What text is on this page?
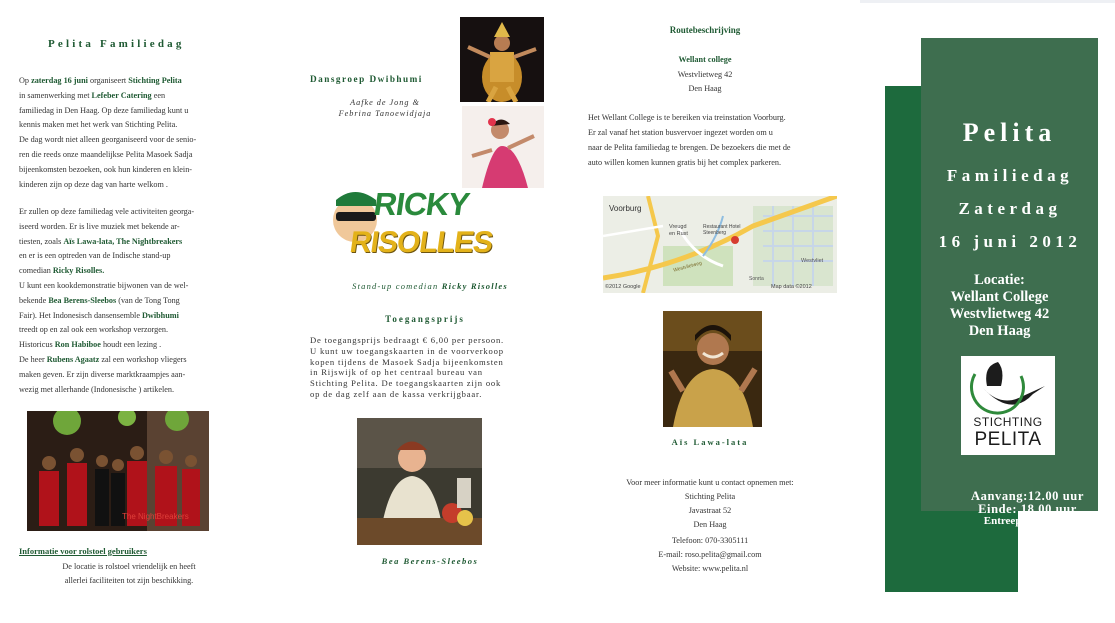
Pelita Familiedag
Op zaterdag 16 juni organiseert Stichting Pelita
in samenwerking met Lefeber Catering een
familiedag in Den Haag. Op deze familiedag kunt u
kennis maken met het werk van Stichting Pelita.
De dag wordt niet alleen georganiseerd voor de senio-
ren die reeds onze maandelijkse Pelita Masoek Sadja
bijeenkomsten bezoeken, ook hun kinderen en klein-
kinderen zijn op deze dag van harte welkom .
Er zullen op deze familiedag vele activiteiten georga-
iseerd worden. Er is live muziek met bekende ar-
tiesten, zoals Aïs Lawa-lata, The Nightbreakers
en er is een optreden van de Indische stand-up
comedian Ricky Risolles.
U kunt een kookdemonstratie bijwonen van de wel-
bekende Bea Berens-Sleebos (van de Tong Tong
Fair). Het Indonesisch dansensemble Dwibhumi
treedt op en zal ook een workshop verzorgen.
Historicus Ron Habiboe houdt een lezing .
De heer Rubens Agaatz zal een workshop vliegers
maken geven. Er zijn diverse marktkraampjes aan-
wezig met allerhande (Indonesische ) artikelen.
The NightBreakers
Informatie voor rolstoel gebruikers
De locatie is rolstoel vriendelijk en heeft
allerlei faciliteiten tot zijn beschikking.
Dansgroep Dwibhumi
Aafke de Jong &
Febrina Tanoewidjaja
RICKY
RISOLLES
Stand-up comedian Ricky Risolles
Toegangsprijs
De toegangsprijs bedraagt € 6,00 per persoon.
U kunt uw toegangskaarten in de voorverkoop
kopen tijdens de Masoek Sadja bijeenkomsten
in Rijswijk of op het centraal bureau van
Stichting Pelita. De toegangskaarten zijn ook
op de dag zelf aan de kassa verkrijgbaar.
Bea Berens-Sleebos
Routebeschrijving
Wellant college
Westvlietweg 42
Den Haag
Het Wellant College is te bereiken via treinstation Voorburg.
Er zal vanaf het station busvervoer ingezet worden om u
naar de Pelita familiedag te brengen. De bezoekers die met de
auto willen komen kunnen gratis bij het complex parkeren.
Voorburg
Vreugd
en Rust
Restaurant Hotel
Steenberg
Westvliet
Westvlietweg
Sonrta
©2012 Google	Map data ©2012
Aïs Lawa-lata
Voor meer informatie kunt u contact opnemen met:
Stichting Pelita
Javastraat 52
Den Haag
Telefoon: 070-3305111
E-mail: roso.pelita@gmail.com
Website: www.pelita.nl
Pelita
Familiedag
Zaterdag
16 juni 2012
Locatie:
Wellant College
Westvlietweg 42
Den Haag
STICHTING
PELITA
Aanvang:12.00 uur
Einde: 18.00 uur
Entreeprijs: € 6,00
